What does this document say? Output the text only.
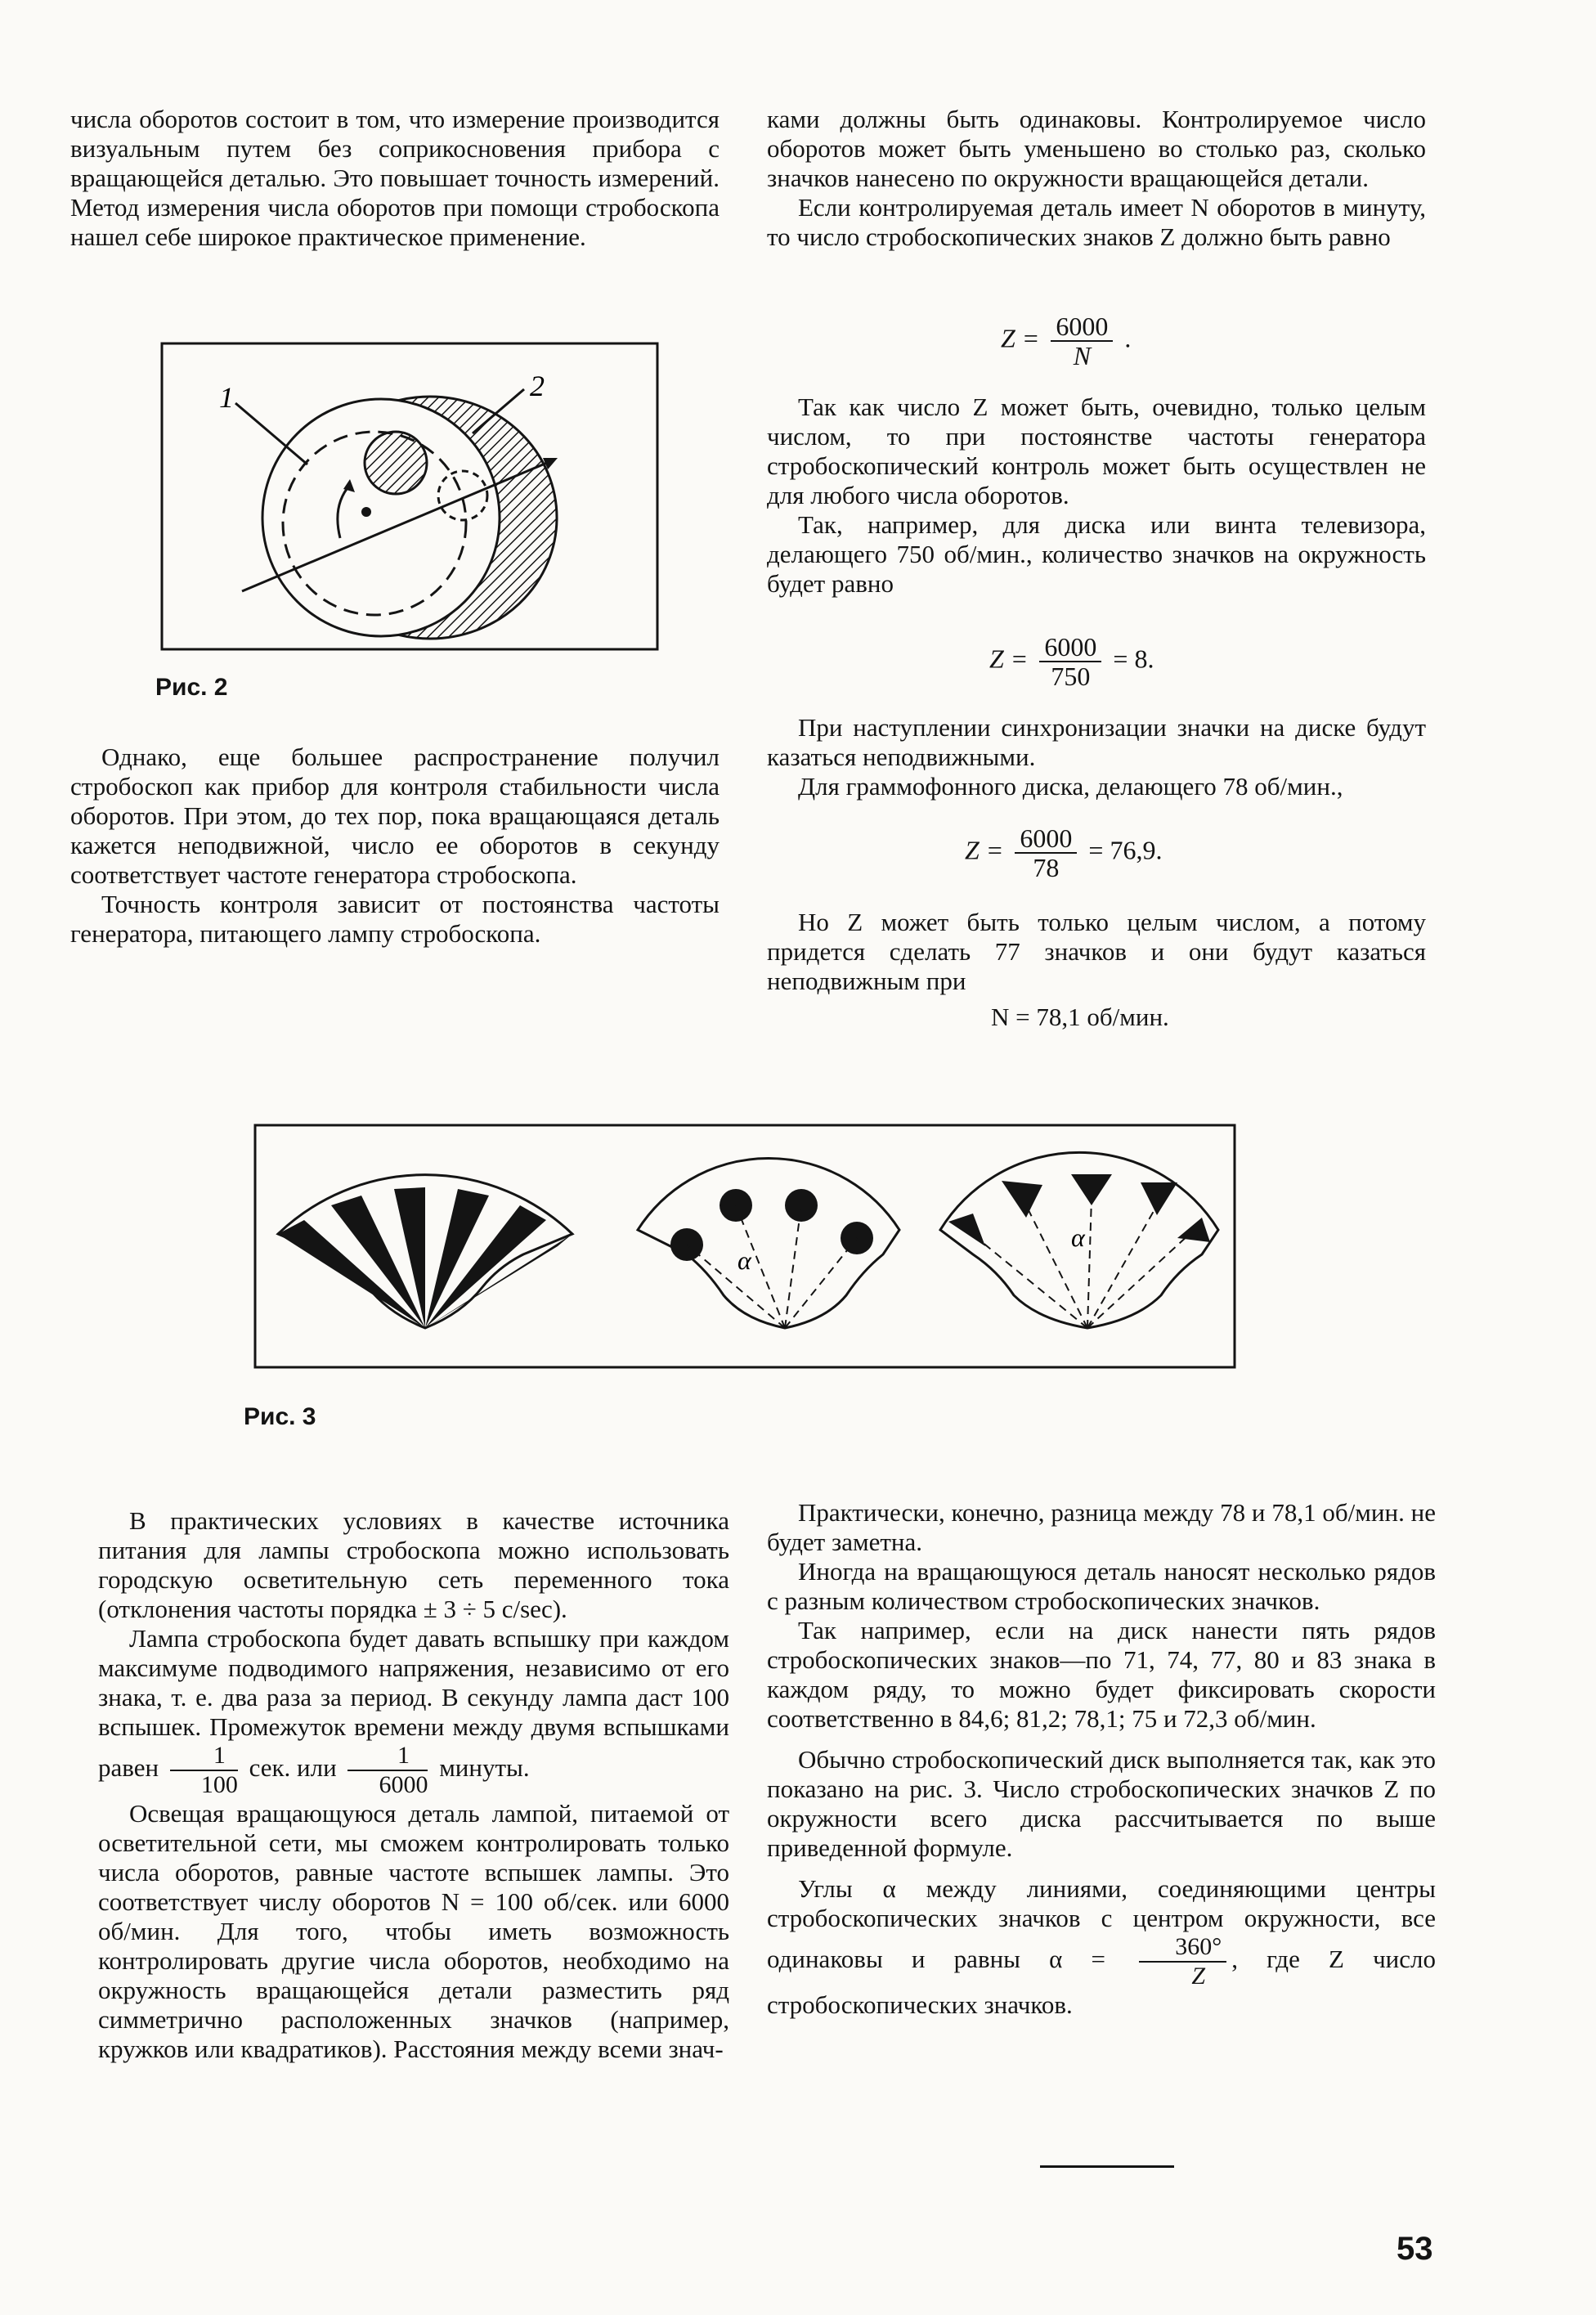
числа оборотов состоит в том, что измерение производится визуальным путем без соприкосновения прибора с вращающейся деталью. Это повышает точность измерений. Метод измерения числа оборотов при помощи стробоскопа нашел себе широкое практическое применение.

1	2
Рис. 2

Однако, еще большее распространение получил стробоскоп как прибор для контроля стабильности числа оборотов. При этом, до тех пор, пока вращающаяся деталь кажется неподвижной, число ее оборотов в секунду соответствует частоте генератора стробоскопа.

Точность контроля зависит от постоянства частоты генератора, питающего лампу стробоскопа.

ками должны быть одинаковы. Контролируемое число оборотов может быть уменьшено во столько раз, сколько значков нанесено по окружности вращающейся детали.

Если контролируемая деталь имеет N оборотов в минуту, то число стробоскопических знаков Z должно быть равно

$Z = \frac{6000}{N}$ .

Так как число Z может быть, очевидно, только целым числом, то при постоянстве частоты генератора стробоскопический контроль может быть осуществлен не для любого числа оборотов.

Так, например, для диска или винта телевизора, делающего 750 об/мин., количество значков на окружность будет равно

$Z = \frac{6000}{750} = 8$.

При наступлении синхронизации значки на диске будут казаться неподвижными.

Для граммофонного диска, делающего 78 об/мин.,

$Z = \frac{6000}{78} = 76,9$.

Но Z может быть только целым числом, а потому придется сделать 77 значков и они будут казаться неподвижным при

N = 78,1 об/мин.
α
α
Рис. 3

В практических условиях в качестве источника питания для лампы стробоскопа можно использовать городскую осветительную сеть переменного тока (отклонения частоты порядка ± 3 ÷ 5 c/sec).

Лампа стробоскопа будет давать вспышку при каждом максимуме подводимого напряжения, независимо от его знака, т. е. два раза за период. В секунду лампа даст 100 вспышек. Промежуток времени между двумя вспышками равен $\frac{1}{100}$ сек. или $\frac{1}{6000}$ минуты.

Освещая вращающуюся деталь лампой, питаемой от осветительной сети, мы сможем контролировать только числа оборотов, равные частоте вспышек лампы. Это соответствует числу оборотов N = 100 об/сек. или 6000 об/мин. Для того, чтобы иметь возможность контролировать другие числа оборотов, необходимо на окружность вращающейся детали разместить ряд симметрично расположенных значков (например, кружков или квадратиков). Расстояния между всеми знач-

Практически, конечно, разница между 78 и 78,1 об/мин. не будет заметна.

Иногда на вращающуюся деталь наносят несколько рядов с разным количеством стробоскопических значков.

Так например, если на диск нанести пять рядов стробоскопических знаков—по 71, 74, 77, 80 и 83 знака в каждом ряду, то можно будет фиксировать скорости соответственно в 84,6; 81,2; 78,1; 75 и 72,3 об/мин.

Обычно стробоскопический диск выполняется так, как это показано на рис. 3. Число стробоскопических значков Z по окружности всего диска рассчитывается по выше приведенной формуле.

Углы α между линиями, соединяющими центры стробоскопических значков с центром окружности, все одинаковы и равны $\alpha = \frac{360^\circ}{Z}$ , где Z число стробоскопических значков.

53
